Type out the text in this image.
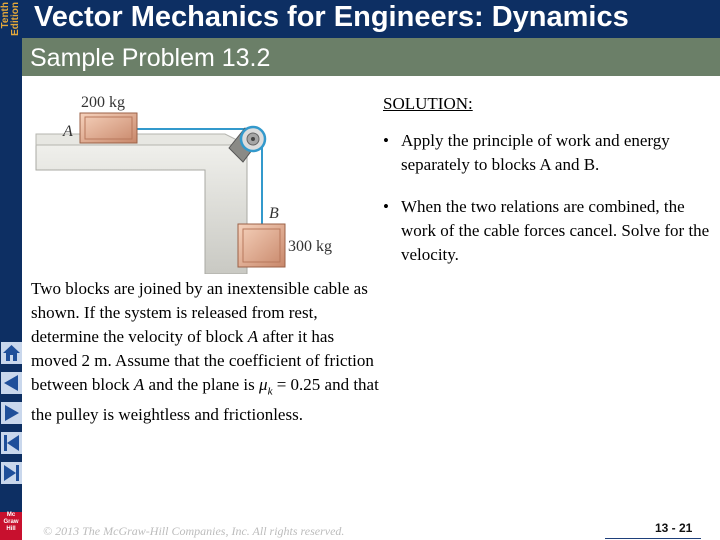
Tenth Edition Vector Mechanics for Engineers: Dynamics
Sample Problem 13.2
200 kg
A
B
300 kg
SOLUTION:
• Apply the principle of work and energy separately to blocks A and B.
• When the two relations are combined, the work of the cable forces cancel. Solve for the velocity.
Two blocks are joined by an inextensible cable as shown. If the system is released from rest, determine the velocity of block A after it has moved 2 m. Assume that the coefficient of friction between block A and the plane is $\mu_k = 0.25$ and that the pulley is weightless and frictionless.
Mc
Graw
Hill	© 2013 The McGraw-Hill Companies, Inc. All rights reserved.	13 - 21
